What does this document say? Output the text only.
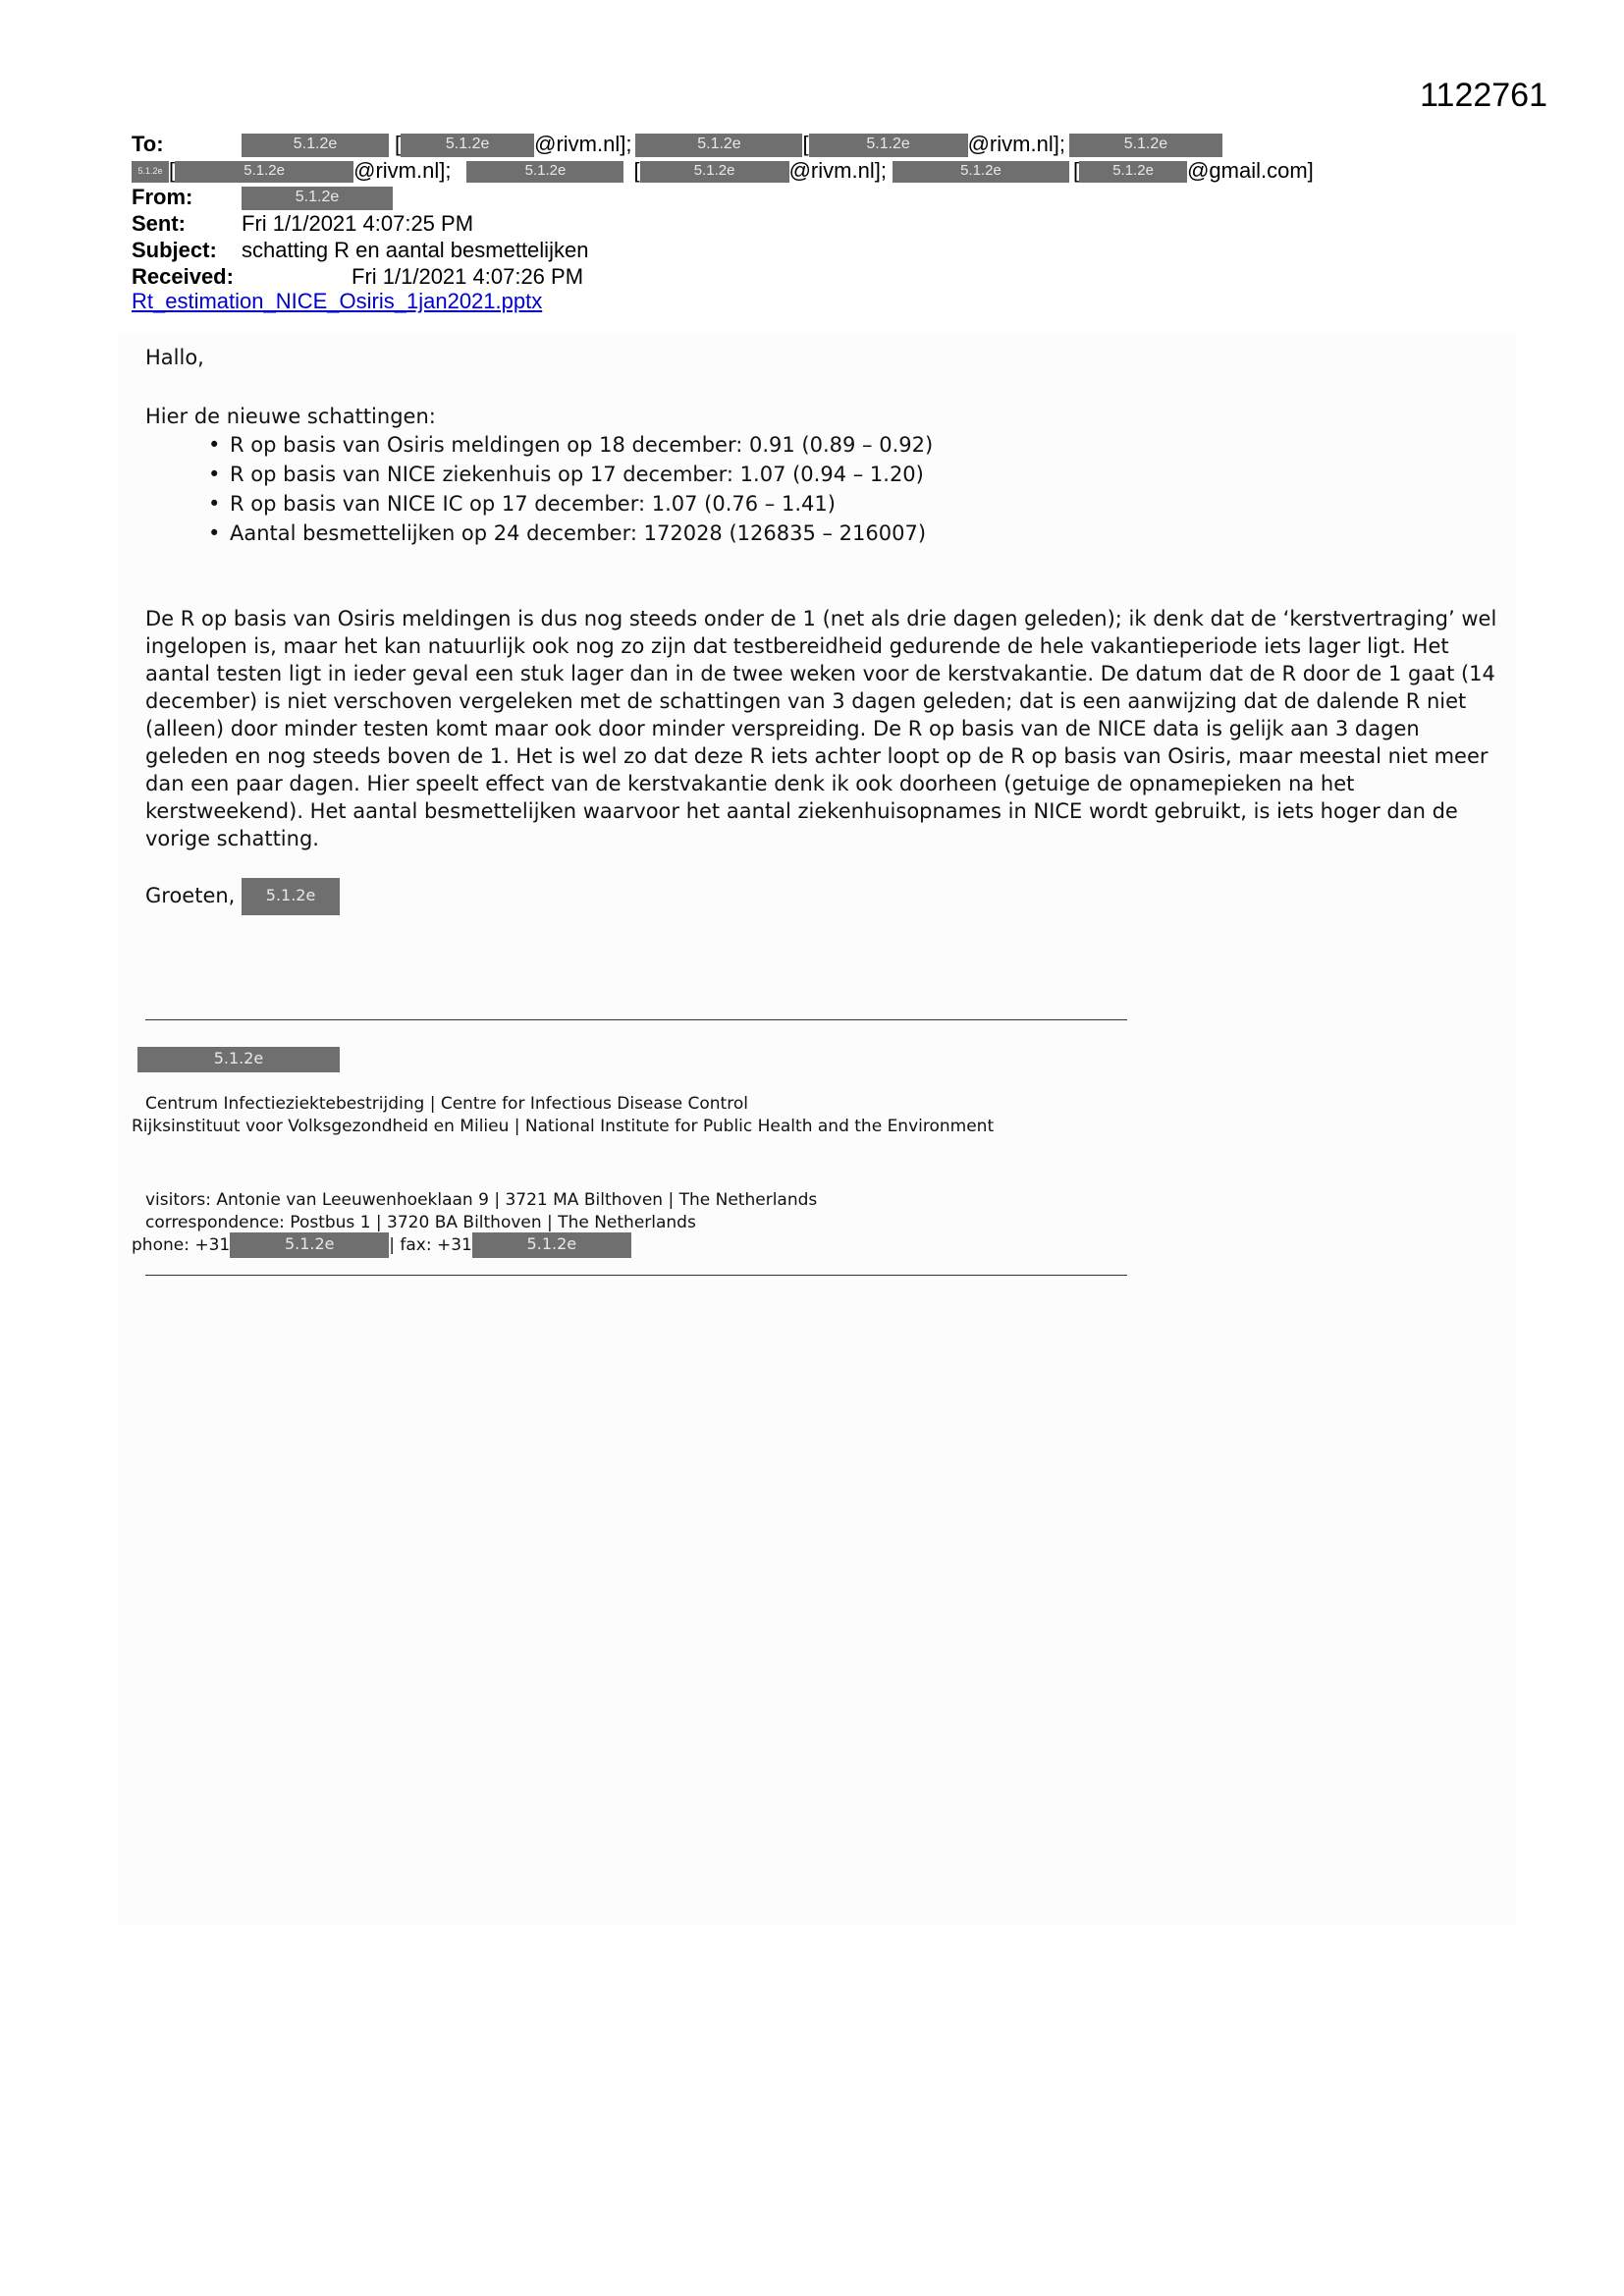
1122761
To:	5.1.2e	[	5.1.2e @rivm.nl];	5.1.2e	[	5.1.2e	@rivm.nl];	5.1.2e
5.1.2e [	5.1.2e	@rivm.nl];	5.1.2e	[	5.1.2e	@rivm.nl];	5.1.2e	[ 5.1.2e @gmail.com]
From:	5.1.2e
Sent:	Fri 1/1/2021 4:07:25 PM
Subject: schatting R en aantal besmettelijken
Received:	Fri 1/1/2021 4:07:26 PM
Rt_estimation_NICE_Osiris_1jan2021.pptx

Hallo,

Hier de nieuwe schattingen:

• R op basis van Osiris meldingen op 18 december: 0.91 (0.89 – 0.92)
• R op basis van NICE ziekenhuis op 17 december: 1.07 (0.94 – 1.20)
• R op basis van NICE IC op 17 december: 1.07 (0.76 – 1.41)
• Aantal besmettelijken op 24 december: 172028 (126835 – 216007)

De R op basis van Osiris meldingen is dus nog steeds onder de 1 (net als drie dagen geleden); ik denk dat de ‘kerstvertraging’ wel ingelopen is, maar het kan natuurlijk ook nog zo zijn dat testbereidheid gedurende de hele vakantieperiode iets lager ligt. Het aantal testen ligt in ieder geval een stuk lager dan in de twee weken voor de kerstvakantie. De datum dat de R door de 1 gaat (14 december) is niet verschoven vergeleken met de schattingen van 3 dagen geleden; dat is een aanwijzing dat de dalende R niet (alleen) door minder testen komt maar ook door minder verspreiding. De R op basis van de NICE data is gelijk aan 3 dagen geleden en nog steeds boven de 1. Het is wel zo dat deze R iets achter loopt op de R op basis van Osiris, maar meestal niet meer dan een paar dagen. Hier speelt effect van de kerstvakantie denk ik ook doorheen (getuige de opnamepieken na het kerstweekend). Het aantal besmettelijken waarvoor het aantal ziekenhuisopnames in NICE wordt gebruikt, is iets hoger dan de vorige schatting.

Groeten, 5.1.2e

5.1.2e
Centrum Infectieziektebestrijding | Centre for Infectious Disease Control
Rijksinstituut voor Volksgezondheid en Milieu | National Institute for Public Health and the Environment
visitors: Antonie van Leeuwenhoeklaan 9 | 3721 MA Bilthoven | The Netherlands
correspondence: Postbus 1 | 3720 BA Bilthoven | The Netherlands
phone: +31	5.1.2e	| fax: +31	5.1.2e
